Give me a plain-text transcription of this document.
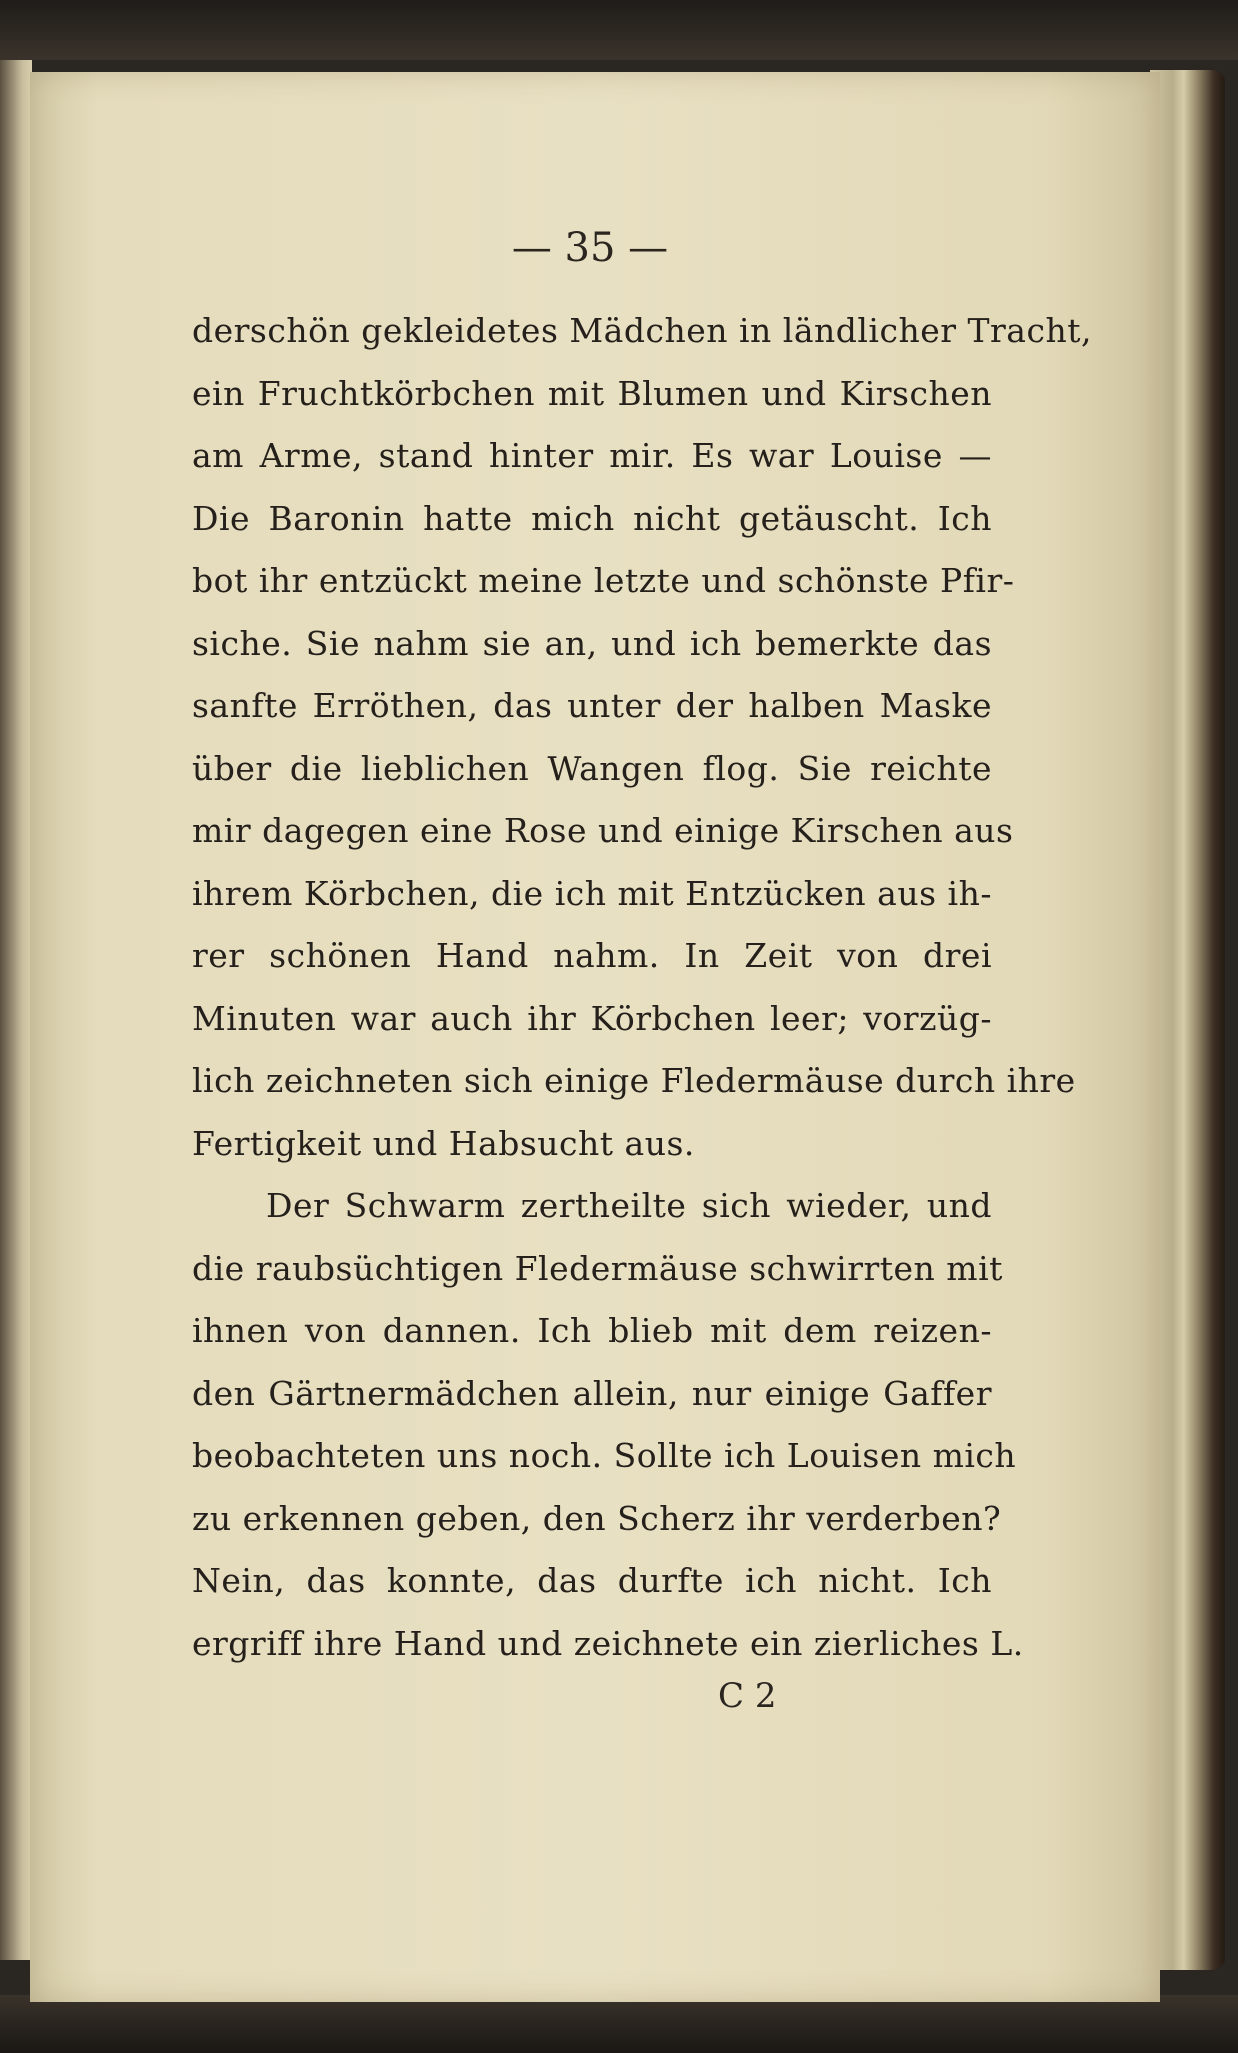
— 35 —
derschön gekleidetes Mädchen in ländlicher Tracht,
ein Fruchtkörbchen mit Blumen und Kirschen
am Arme, stand hinter mir. Es war Louise —
Die Baronin hatte mich nicht getäuscht. Ich
bot ihr entzückt meine letzte und schönste Pfir-
siche. Sie nahm sie an, und ich bemerkte das
sanfte Erröthen, das unter der halben Maske
über die lieblichen Wangen flog. Sie reichte
mir dagegen eine Rose und einige Kirschen aus
ihrem Körbchen, die ich mit Entzücken aus ih-
rer schönen Hand nahm. In Zeit von drei
Minuten war auch ihr Körbchen leer; vorzüg-
lich zeichneten sich einige Fledermäuse durch ihre
Fertigkeit und Habsucht aus.
Der Schwarm zertheilte sich wieder, und
die raubsüchtigen Fledermäuse schwirrten mit
ihnen von dannen. Ich blieb mit dem reizen-
den Gärtnermädchen allein, nur einige Gaffer
beobachteten uns noch. Sollte ich Louisen mich
zu erkennen geben, den Scherz ihr verderben?
Nein, das konnte, das durfte ich nicht. Ich
ergriff ihre Hand und zeichnete ein zierliches L.
C 2
